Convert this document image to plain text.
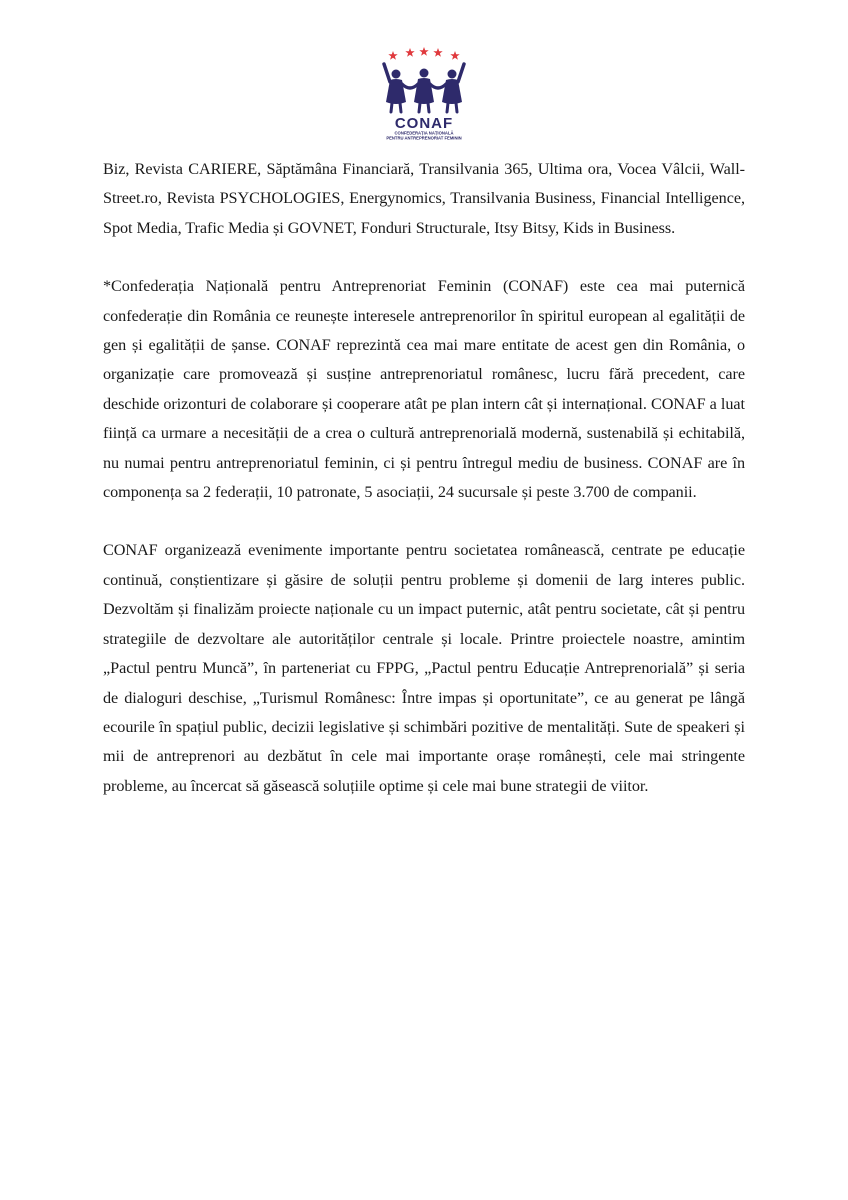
CONAF
CONFEDERAȚIA NAȚIONALĂ
PENTRU ANTREPRENORIAT FEMININ

Biz, Revista CARIERE, Săptămâna Financiară, Transilvania 365, Ultima ora, Vocea Vâlcii, Wall-Street.ro, Revista PSYCHOLOGIES, Energynomics, Transilvania Business, Financial Intelligence, Spot Media, Trafic Media și GOVNET, Fonduri Structurale, Itsy Bitsy, Kids in Business.

*Confederația Națională pentru Antreprenoriat Feminin (CONAF) este cea mai puternică confederație din România ce reunește interesele antreprenorilor în spiritul european al egalității de gen și egalității de șanse. CONAF reprezintă cea mai mare entitate de acest gen din România, o organizație care promovează și susține antreprenoriatul românesc, lucru fără precedent, care deschide orizonturi de colaborare și cooperare atât pe plan intern cât și internațional. CONAF a luat ființă ca urmare a necesității de a crea o cultură antreprenorială modernă, sustenabilă și echitabilă, nu numai pentru antreprenoriatul feminin, ci și pentru întregul mediu de business. CONAF are în componența sa 2 federații, 10 patronate, 5 asociații, 24 sucursale și peste 3.700 de companii.

CONAF organizează evenimente importante pentru societatea românească, centrate pe educație continuă, conștientizare și găsire de soluții pentru probleme și domenii de larg interes public. Dezvoltăm și finalizăm proiecte naționale cu un impact puternic, atât pentru societate, cât și pentru strategiile de dezvoltare ale autorităților centrale și locale. Printre proiectele noastre, amintim „Pactul pentru Muncă”, în parteneriat cu FPPG, „Pactul pentru Educație Antreprenorială” și seria de dialoguri deschise, „Turismul Românesc: Între impas și oportunitate”, ce au generat pe lângă ecourile în spațiul public, decizii legislative și schimbări pozitive de mentalități. Sute de speakeri și mii de antreprenori au dezbătut în cele mai importante orașe românești, cele mai stringente probleme, au încercat să găsească soluțiile optime și cele mai bune strategii de viitor.
